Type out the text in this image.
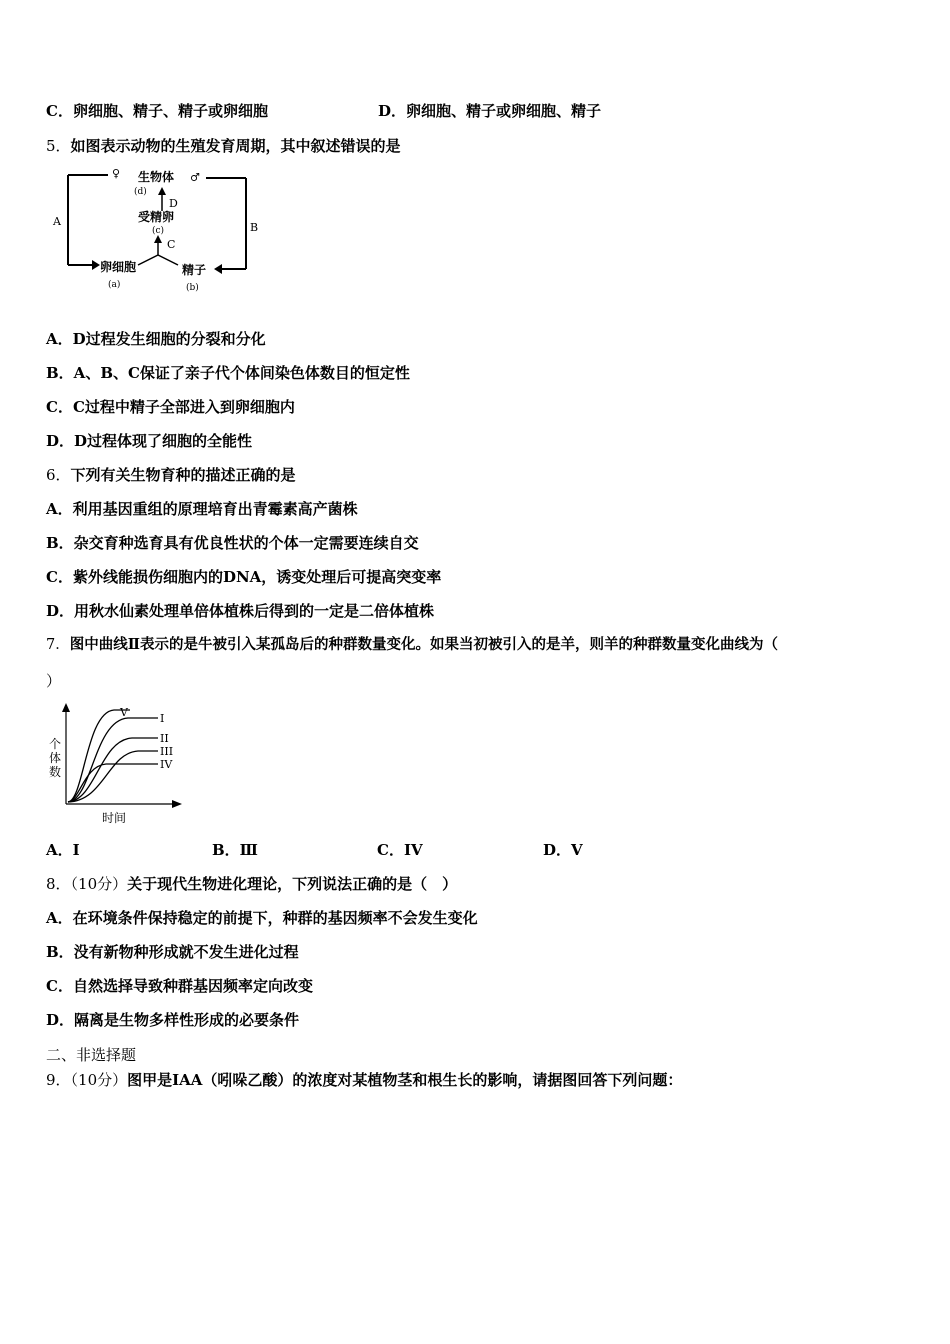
C．卵细胞、精子、精子或卵细胞	D．卵细胞、精子或卵细胞、精子
5．如图表示动物的生殖发育周期，其中叙述错误的是
♀ 生物体 ♂
(d)
D
受精卵
(c)
C
A	B
卵细胞
(a)
精子
(b)
A．D过程发生细胞的分裂和分化
B．A、B、C保证了亲子代个体间染色体数目的恒定性
C．C过程中精子全部进入到卵细胞内
D．D过程体现了细胞的全能性
6．下列有关生物育种的描述正确的是
A．利用基因重组的原理培育出青霉素高产菌株
B．杂交育种选育具有优良性状的个体一定需要连续自交
C．紫外线能损伤细胞内的DNA，诱变处理后可提高突变率
D．用秋水仙素处理单倍体植株后得到的一定是二倍体植株
7．图中曲线Ⅱ表示的是牛被引入某孤岛后的种群数量变化。如果当初被引入的是羊，则羊的种群数量变化曲线为（
）
V	I
II
III
IV
个
体
数
时间
A．I	B．Ⅲ	C．IV	D．V
8．（10分）关于现代生物进化理论，下列说法正确的是（　）
A．在环境条件保持稳定的前提下，种群的基因频率不会发生变化
B．没有新物种形成就不发生进化过程
C．自然选择导致种群基因频率定向改变
D．隔离是生物多样性形成的必要条件
二、非选择题
9．（10分）图甲是IAA（吲哚乙酸）的浓度对某植物茎和根生长的影响，请据图回答下列问题：
